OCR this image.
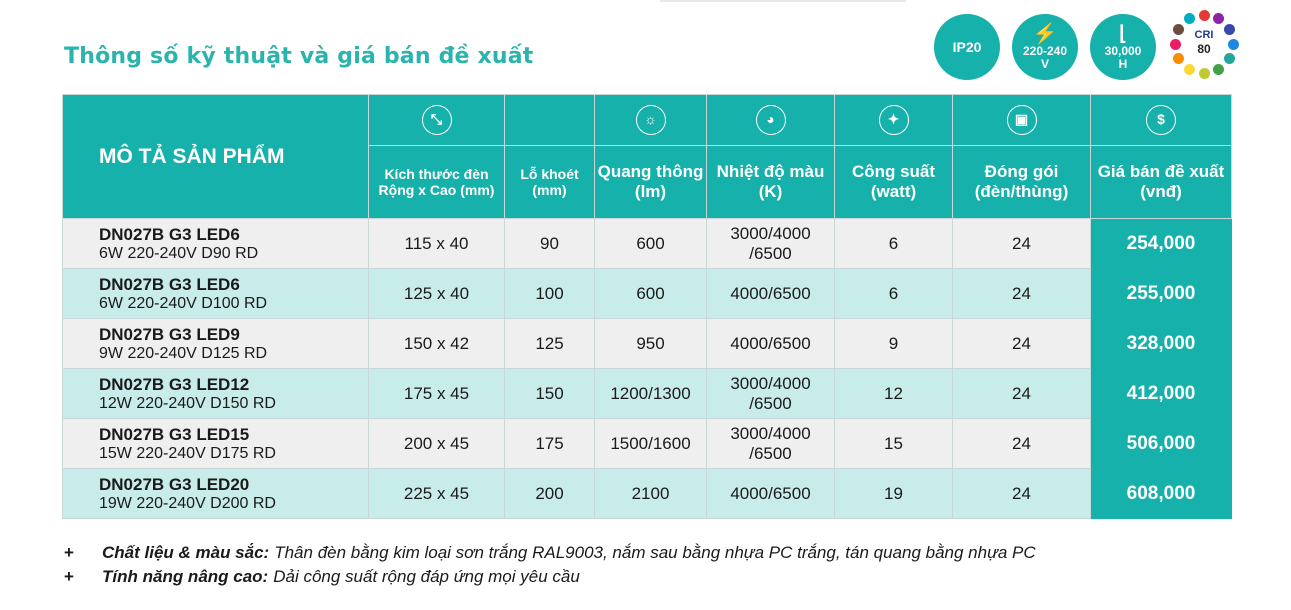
Thông số kỹ thuật và giá bán đề xuất	IP20
⚡
220-240
V
⌊
30,000
H
CRI
80
MÔ TẢ SẢN PHẨM	⤡		☼	◕	✦	▣	$
	Kích thước đèn Rộng x Cao (mm)	Lỗ khoét (mm)	Quang thông (lm)	Nhiệt độ màu (K)	Công suất (watt)	Đóng gói (đèn/thùng)	Giá bán đề xuất (vnđ)

DN027B G3 LED6
6W 220-240V D90 RD	115 x 40	90	600	3000/4000 /6500	6	24	254,000

DN027B G3 LED6
6W 220-240V D100 RD	125 x 40	100	600	4000/6500	6	24	255,000

DN027B G3 LED9
9W 220-240V D125 RD	150 x 42	125	950	4000/6500	9	24	328,000

DN027B G3 LED12
12W 220-240V D150 RD	175 x 45	150	1200/1300	3000/4000 /6500	12	24	412,000

DN027B G3 LED15
15W 220-240V D175 RD	200 x 45	175	1500/1600	3000/4000 /6500	15	24	506,000

DN027B G3 LED20
19W 220-240V D200 RD	225 x 45	200	2100	4000/6500	19	24	608,000
+	Chất liệu & màu sắc: Thân đèn bằng kim loại sơn trắng RAL9003, nắm sau bằng nhựa PC trắng, tán quang bằng nhựa PC
+	Tính năng nâng cao: Dải công suất rộng đáp ứng mọi yêu cầu
